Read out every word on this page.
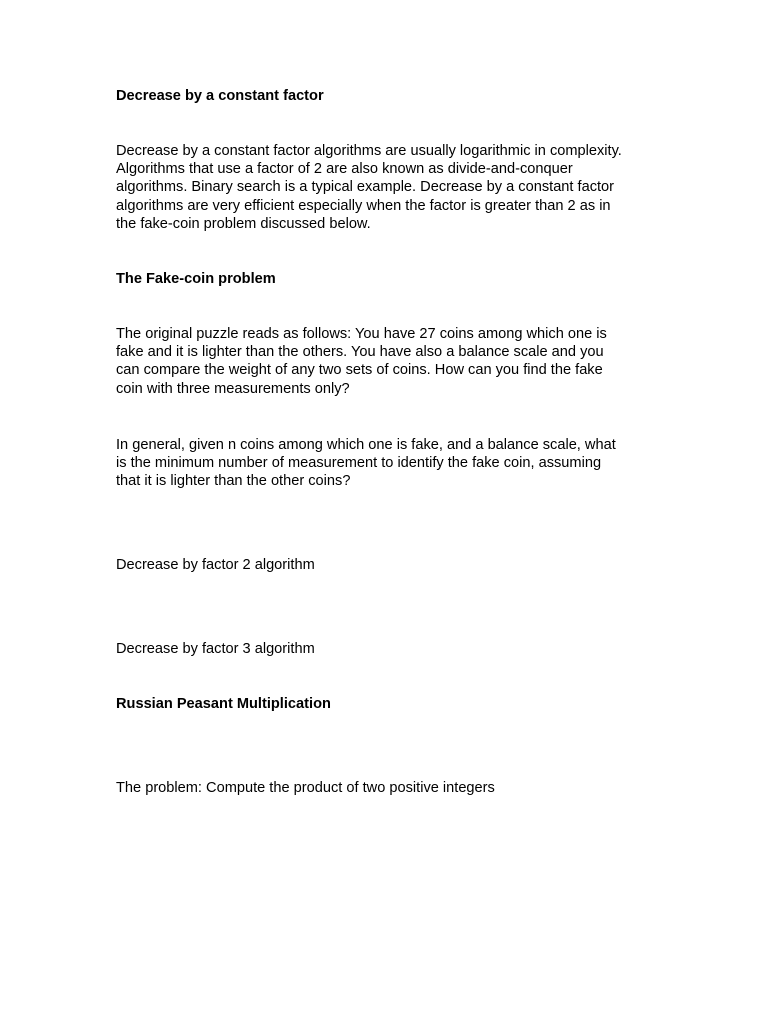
Decrease by a constant factor

Decrease by a constant factor algorithms are usually logarithmic in complexity.
Algorithms that use a factor of 2 are also known as divide-and-conquer
algorithms. Binary search is a typical example. Decrease by a constant factor
algorithms are very efficient especially when the factor is greater than 2 as in
the fake-coin problem discussed below.

The Fake-coin problem

The original puzzle reads as follows: You have 27 coins among which one is
fake and it is lighter than the others. You have also a balance scale and you
can compare the weight of any two sets of coins. How can you find the fake
coin with three measurements only?

In general, given n coins among which one is fake, and a balance scale, what
is the minimum number of measurement to identify the fake coin, assuming
that it is lighter than the other coins?

Decrease by factor 2 algorithm

Decrease by factor 3 algorithm

Russian Peasant Multiplication

The problem: Compute the product of two positive integers
